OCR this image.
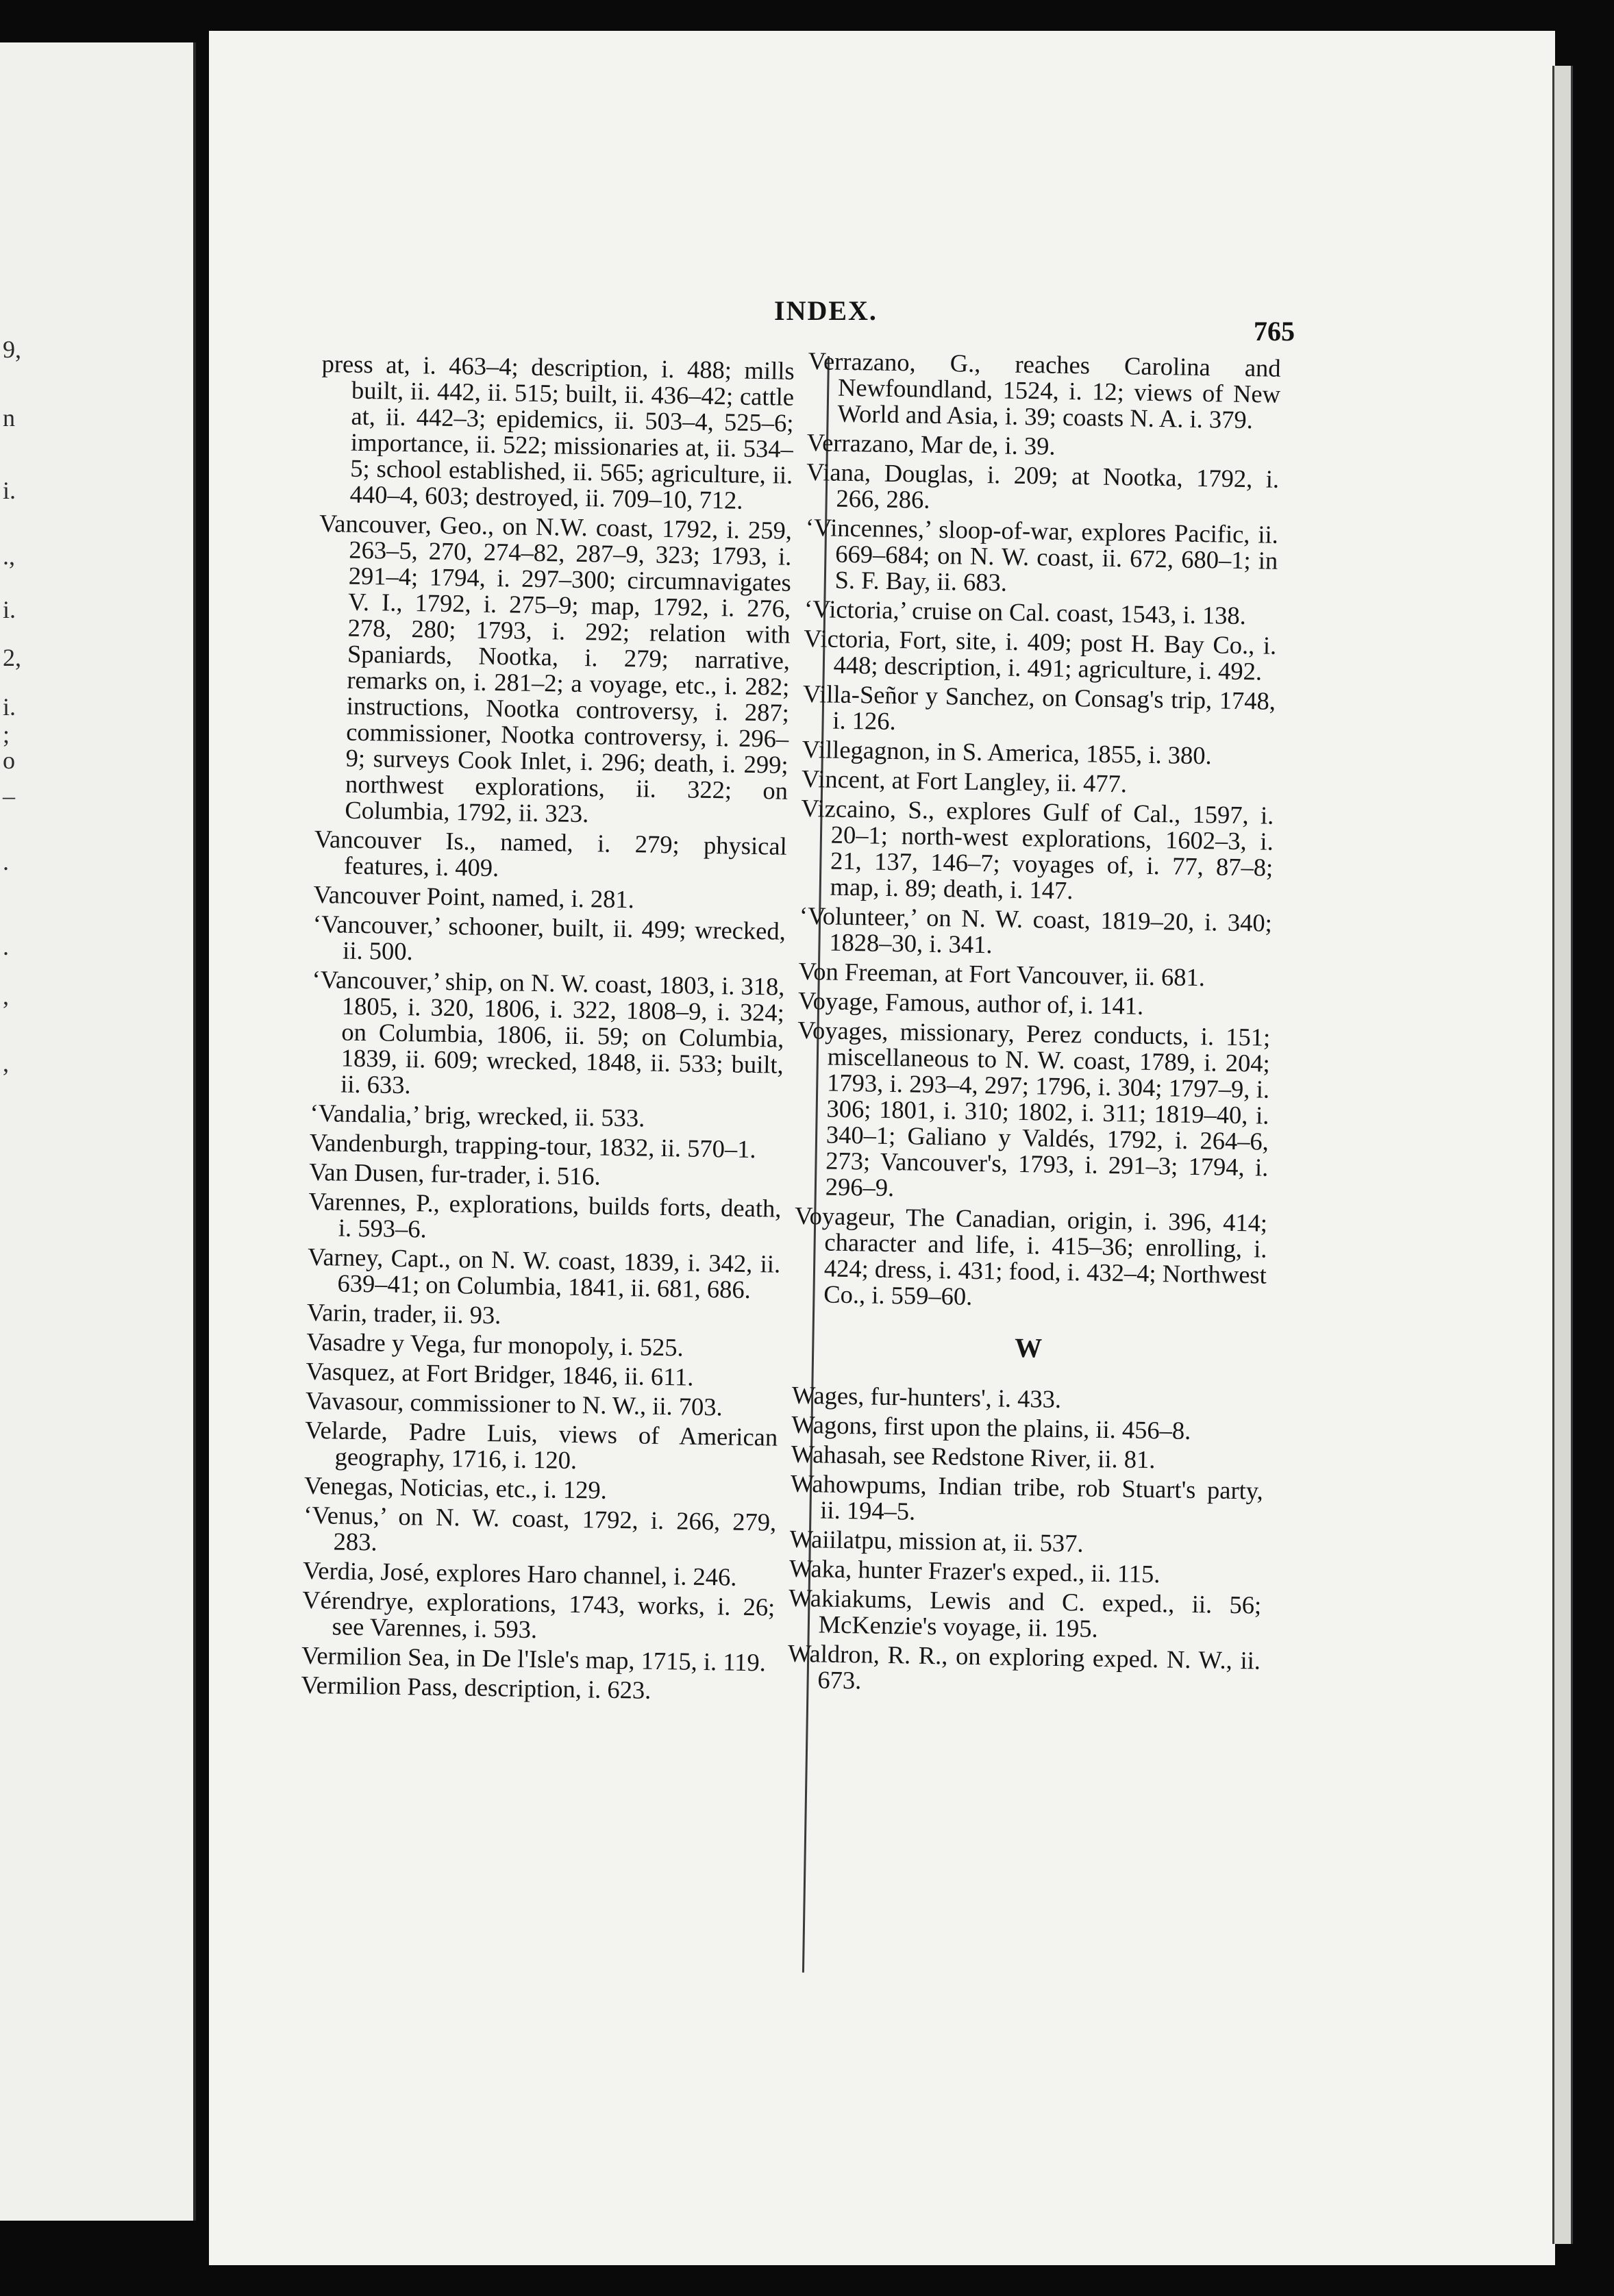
9,
n
i.
.,
i.
2,
i.
;
o
–
.
.
,
,
INDEX.
765

press at, i. 463–4; description, i. 488; mills built, ii. 442, ii. 515; built, ii. 436–42; cattle at, ii. 442–3; epidemics, ii. 503–4, 525–6; importance, ii. 522; missionaries at, ii. 534–5; school established, ii. 565; agriculture, ii. 440–4, 603; destroyed, ii. 709–10, 712.

Vancouver, Geo., on N.W. coast, 1792, i. 259, 263–5, 270, 274–82, 287–9, 323; 1793, i. 291–4; 1794, i. 297–300; circumnavigates V. I., 1792, i. 275–9; map, 1792, i. 276, 278, 280; 1793, i. 292; relation with Spaniards, Nootka, i. 279; narrative, remarks on, i. 281–2; a voyage, etc., i. 282; instructions, Nootka controversy, i. 287; commissioner, Nootka controversy, i. 296–9; surveys Cook Inlet, i. 296; death, i. 299; northwest explorations, ii. 322; on Columbia, 1792, ii. 323.

Vancouver Is., named, i. 279; physical features, i. 409.

Vancouver Point, named, i. 281.

‘Vancouver,’ schooner, built, ii. 499; wrecked, ii. 500.

‘Vancouver,’ ship, on N. W. coast, 1803, i. 318, 1805, i. 320, 1806, i. 322, 1808–9, i. 324; on Columbia, 1806, ii. 59; on Columbia, 1839, ii. 609; wrecked, 1848, ii. 533; built, ii. 633.

‘Vandalia,’ brig, wrecked, ii. 533.

Vandenburgh, trapping-tour, 1832, ii. 570–1.

Van Dusen, fur-trader, i. 516.

Varennes, P., explorations, builds forts, death, i. 593–6.

Varney, Capt., on N. W. coast, 1839, i. 342, ii. 639–41; on Columbia, 1841, ii. 681, 686.

Varin, trader, ii. 93.

Vasadre y Vega, fur monopoly, i. 525.

Vasquez, at Fort Bridger, 1846, ii. 611.

Vavasour, commissioner to N. W., ii. 703.

Velarde, Padre Luis, views of American geography, 1716, i. 120.

Venegas, Noticias, etc., i. 129.

‘Venus,’ on N. W. coast, 1792, i. 266, 279, 283.

Verdia, José, explores Haro channel, i. 246.

Vérendrye, explorations, 1743, works, i. 26; see Varennes, i. 593.

Vermilion Sea, in De l'Isle's map, 1715, i. 119.

Vermilion Pass, description, i. 623.

Verrazano, G., reaches Carolina and Newfoundland, 1524, i. 12; views of New World and Asia, i. 39; coasts N. A. i. 379.

Verrazano, Mar de, i. 39.

Viana, Douglas, i. 209; at Nootka, 1792, i. 266, 286.

‘Vincennes,’ sloop-of-war, explores Pacific, ii. 669–684; on N. W. coast, ii. 672, 680–1; in S. F. Bay, ii. 683.

‘Victoria,’ cruise on Cal. coast, 1543, i. 138.

Victoria, Fort, site, i. 409; post H. Bay Co., i. 448; description, i. 491; agriculture, i. 492.

Villa-Señor y Sanchez, on Consag's trip, 1748, i. 126.

Villegagnon, in S. America, 1855, i. 380.

Vincent, at Fort Langley, ii. 477.

Vizcaino, S., explores Gulf of Cal., 1597, i. 20–1; north-west explorations, 1602–3, i. 21, 137, 146–7; voyages of, i. 77, 87–8; map, i. 89; death, i. 147.

‘Volunteer,’ on N. W. coast, 1819–20, i. 340; 1828–30, i. 341.

Von Freeman, at Fort Vancouver, ii. 681.

Voyage, Famous, author of, i. 141.

Voyages, missionary, Perez conducts, i. 151; miscellaneous to N. W. coast, 1789, i. 204; 1793, i. 293–4, 297; 1796, i. 304; 1797–9, i. 306; 1801, i. 310; 1802, i. 311; 1819–40, i. 340–1; Galiano y Valdés, 1792, i. 264–6, 273; Vancouver's, 1793, i. 291–3; 1794, i. 296–9.

Voyageur, The Canadian, origin, i. 396, 414; character and life, i. 415–36; enrolling, i. 424; dress, i. 431; food, i. 432–4; Northwest Co., i. 559–60.

W

Wages, fur-hunters', i. 433.

Wagons, first upon the plains, ii. 456–8.

Wahasah, see Redstone River, ii. 81.

Wahowpums, Indian tribe, rob Stuart's party, ii. 194–5.

Waiilatpu, mission at, ii. 537.

Waka, hunter Frazer's exped., ii. 115.

Wakiakums, Lewis and C. exped., ii. 56; McKenzie's voyage, ii. 195.

Waldron, R. R., on exploring exped. N. W., ii. 673.
